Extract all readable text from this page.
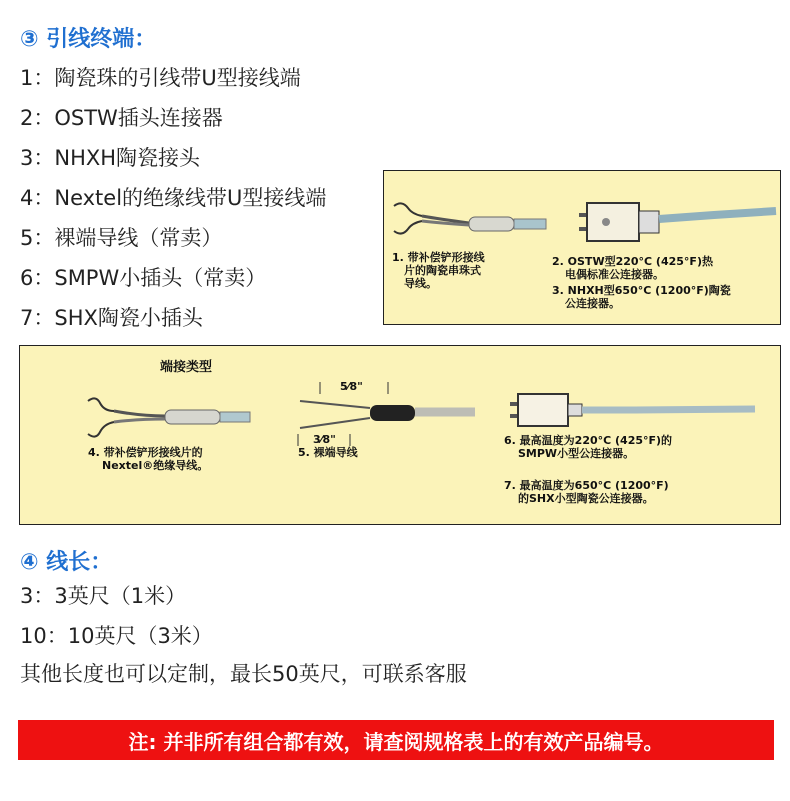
③ 引线终端：
1：陶瓷珠的引线带U型接线端
2：OSTW插头连接器
3：NHXH陶瓷接头
4：Nextel的绝缘线带U型接线端
5：裸端导线（常卖）
6：SMPW小插头（常卖）
7：SHX陶瓷小插头
1. 带补偿铲形接线
片的陶瓷串珠式
导线。
2. OSTW型220°C (425°F)热
电偶标准公连接器。
3. NHXH型650°C (1200°F)陶瓷
公连接器。
端接类型
5⁄8"
3⁄8"
4. 带补偿铲形接线片的
Nextel®绝缘导线。
5. 裸端导线
6. 最高温度为220°C (425°F)的
SMPW小型公连接器。
7. 最高温度为650°C (1200°F)
的SHX小型陶瓷公连接器。
④ 线长：
3：3英尺（1米）
10：10英尺（3米）
其他长度也可以定制，最长50英尺，可联系客服
注: 并非所有组合都有效，请查阅规格表上的有效产品编号。
